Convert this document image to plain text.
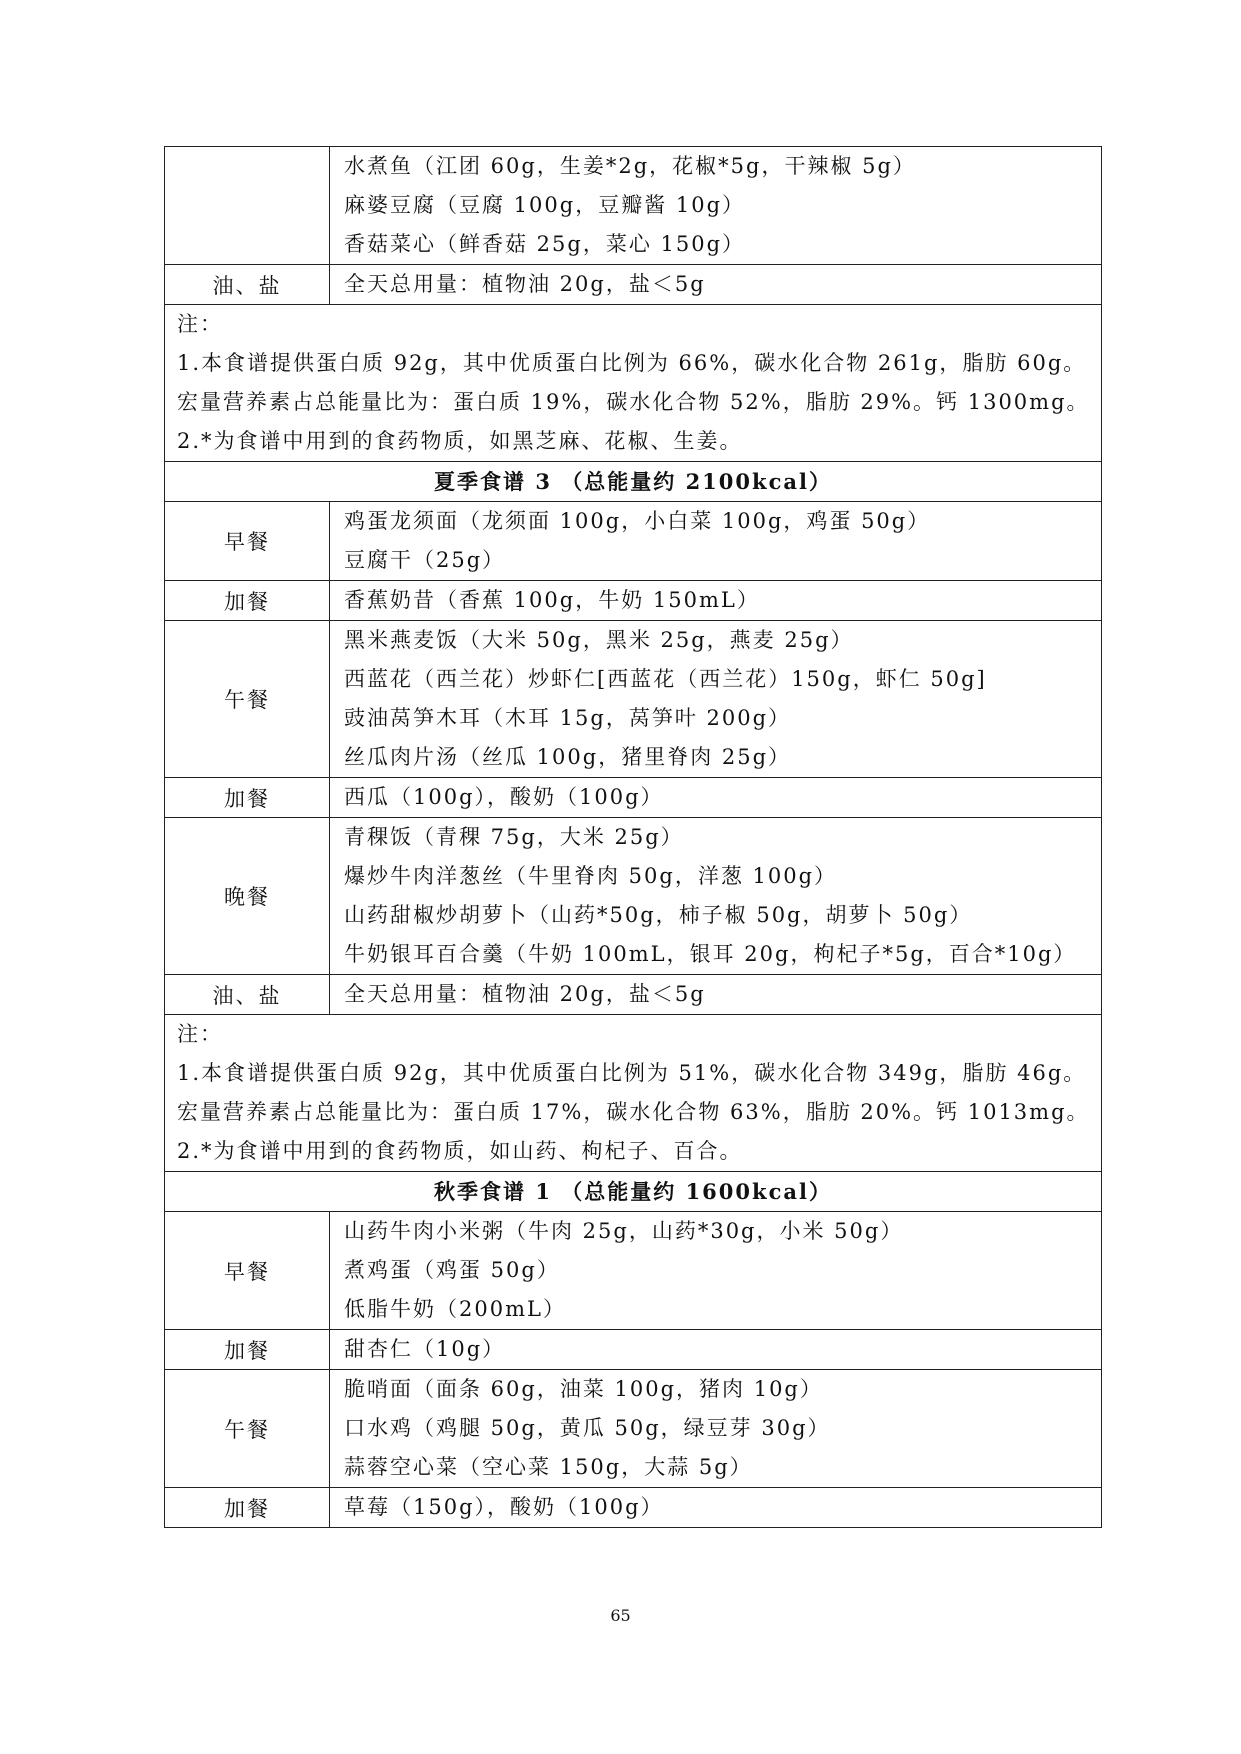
	水煮鱼（江团 60g，生姜*2g，花椒*5g，干辣椒 5g）
麻婆豆腐（豆腐 100g，豆瓣酱 10g）
香菇菜心（鲜香菇 25g，菜心 150g）

油、盐	全天总用量：植物油 20g，盐＜5g

注：
1.本食谱提供蛋白质 92g，其中优质蛋白比例为 66%，碳水化合物 261g，脂肪 60g。
宏量营养素占总能量比为：蛋白质 19%，碳水化合物 52%，脂肪 29%。钙 1300mg。
2.*为食谱中用到的食药物质，如黑芝麻、花椒、生姜。	

夏季食谱 3 （总能量约 2100kcal）	

早餐	鸡蛋龙须面（龙须面 100g，小白菜 100g，鸡蛋 50g）
豆腐干（25g）

加餐	香蕉奶昔（香蕉 100g，牛奶 150mL）

午餐	黑米燕麦饭（大米 50g，黑米 25g，燕麦 25g）
西蓝花（西兰花）炒虾仁[西蓝花（西兰花）150g，虾仁 50g]
豉油莴笋木耳（木耳 15g，莴笋叶 200g）
丝瓜肉片汤（丝瓜 100g，猪里脊肉 25g）

加餐	西瓜（100g），酸奶（100g）

晚餐	青稞饭（青稞 75g，大米 25g）
爆炒牛肉洋葱丝（牛里脊肉 50g，洋葱 100g）
山药甜椒炒胡萝卜（山药*50g，柿子椒 50g，胡萝卜 50g）
牛奶银耳百合羹（牛奶 100mL，银耳 20g，枸杞子*5g，百合*10g）

油、盐	全天总用量：植物油 20g，盐＜5g

注：
1.本食谱提供蛋白质 92g，其中优质蛋白比例为 51%，碳水化合物 349g，脂肪 46g。
宏量营养素占总能量比为：蛋白质 17%，碳水化合物 63%，脂肪 20%。钙 1013mg。
2.*为食谱中用到的食药物质，如山药、枸杞子、百合。	

秋季食谱 1 （总能量约 1600kcal）	

早餐	山药牛肉小米粥（牛肉 25g，山药*30g，小米 50g）
煮鸡蛋（鸡蛋 50g）
低脂牛奶（200mL）

加餐	甜杏仁（10g）

午餐	脆哨面（面条 60g，油菜 100g，猪肉 10g）
口水鸡（鸡腿 50g，黄瓜 50g，绿豆芽 30g）
蒜蓉空心菜（空心菜 150g，大蒜 5g）

加餐	草莓（150g），酸奶（100g）
65
